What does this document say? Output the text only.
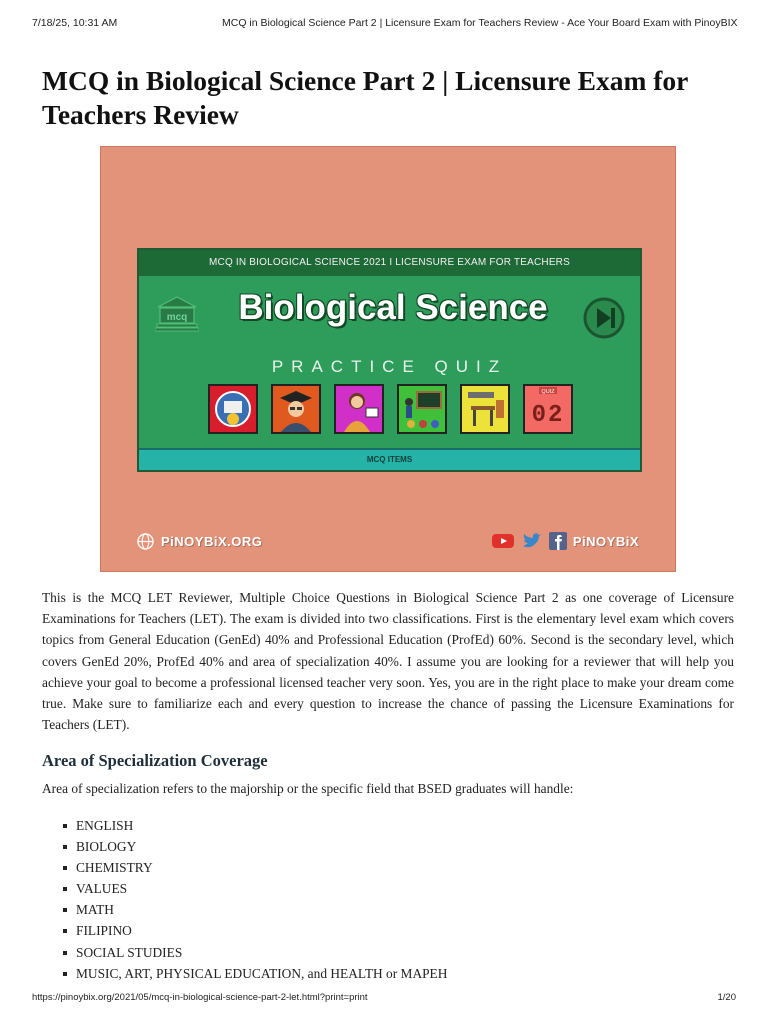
7/18/25, 10:31 AM	MCQ in Biological Science Part 2 | Licensure Exam for Teachers Review - Ace Your Board Exam with PinoyBIX
MCQ in Biological Science Part 2 | Licensure Exam for Teachers Review
MCQ IN BIOLOGICAL SCIENCE 2021 I LICENSURE EXAM FOR TEACHERS
mcq	Biological Science
PRACTICE QUIZ
QUIZ
02
MCQ ITEMS
PiNOYBiX.ORG	PiNOYBiX

This is the MCQ LET Reviewer, Multiple Choice Questions in Biological Science Part 2 as one coverage of Licensure Examinations for Teachers (LET). The exam is divided into two classifications. First is the elementary level exam which covers topics from General Education (GenEd) 40% and Professional Education (ProfEd) 60%. Second is the secondary level, which covers GenEd 20%, ProfEd 40% and area of specialization 40%. I assume you are looking for a reviewer that will help you achieve your goal to become a professional licensed teacher very soon. Yes, you are in the right place to make your dream come true. Make sure to familiarize each and every question to increase the chance of passing the Licensure Examinations for Teachers (LET).

Area of Specialization Coverage

Area of specialization refers to the majorship or the specific field that BSED graduates will handle:

ENGLISH
BIOLOGY
CHEMISTRY
VALUES
MATH
FILIPINO
SOCIAL STUDIES
MUSIC, ART, PHYSICAL EDUCATION, and HEALTH or MAPEH
https://pinoybix.org/2021/05/mcq-in-biological-science-part-2-let.html?print=print	1/20
